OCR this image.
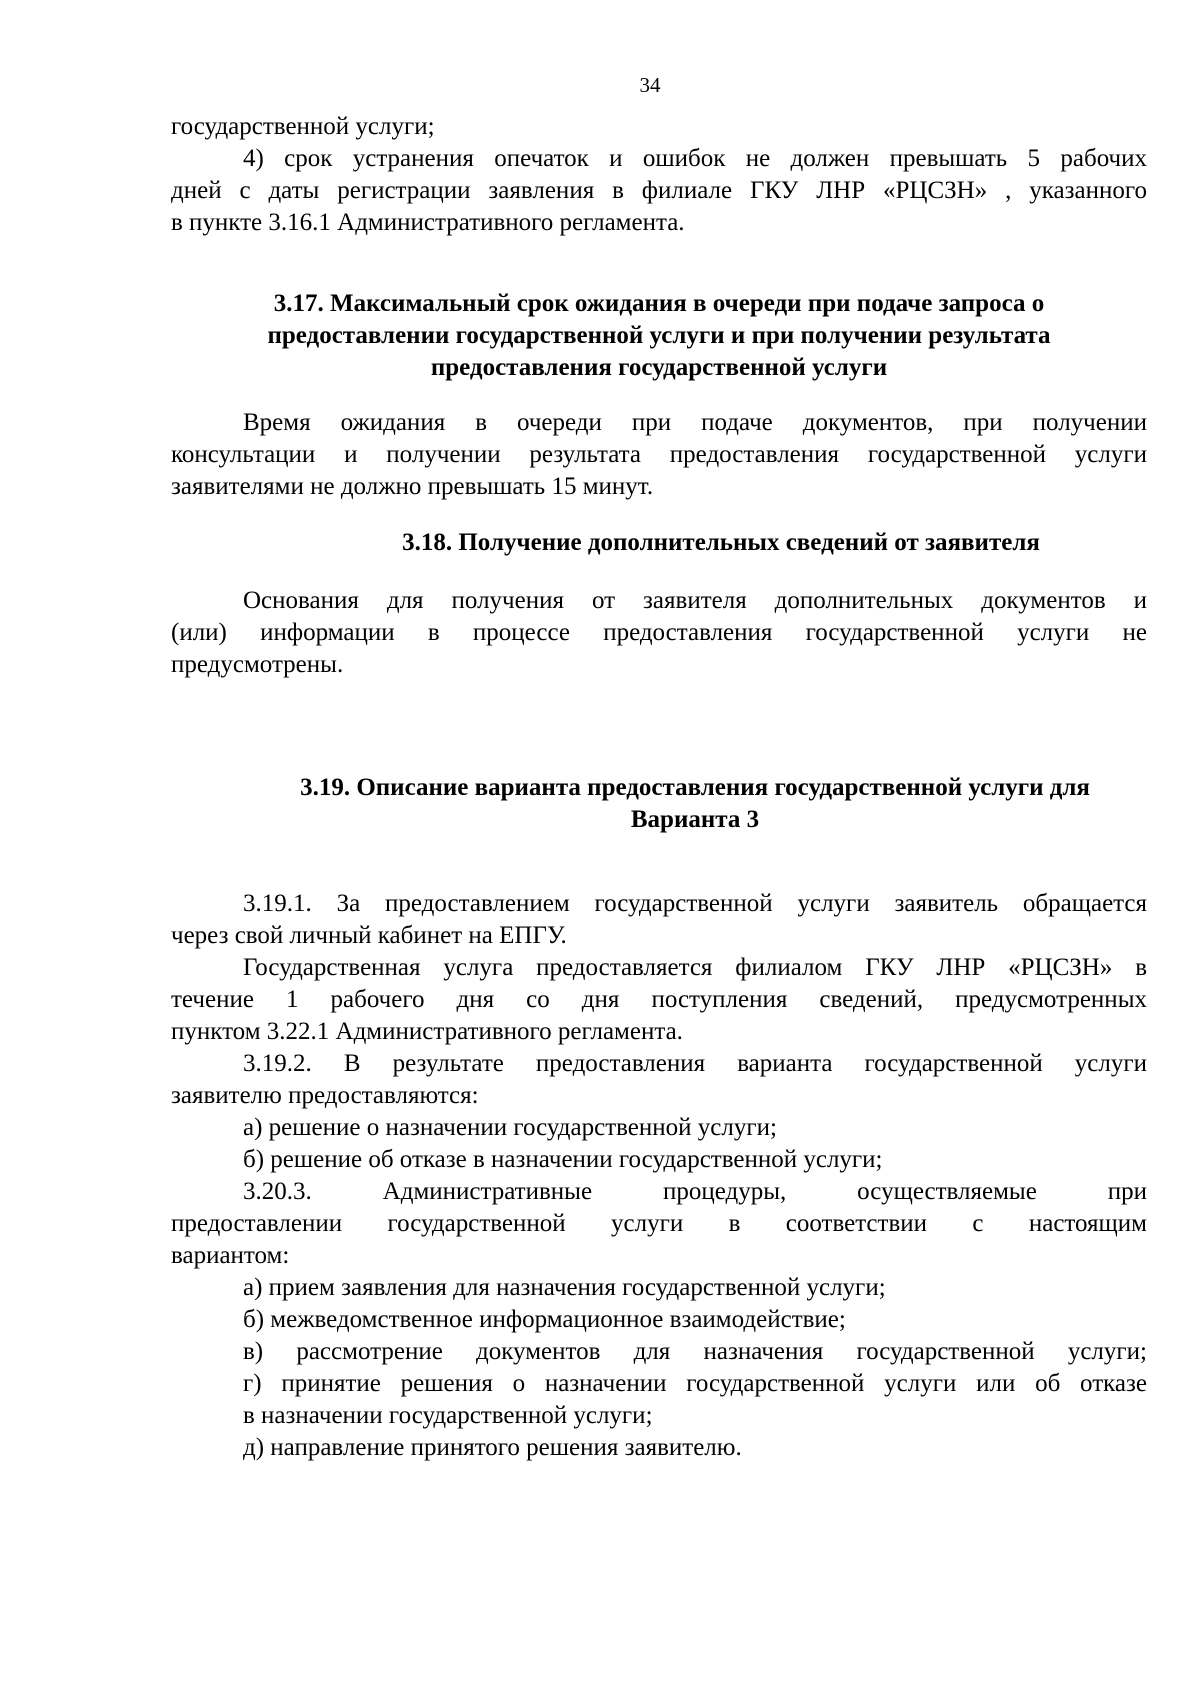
34

государственной услуги;

4) срок устранения опечаток и ошибок не должен превышать 5 рабочих

дней с даты регистрации заявления в филиале ГКУ ЛНР «РЦСЗН» , указанного

в пункте 3.16.1 Административного регламента.

3.17. Максимальный срок ожидания в очереди при подаче запроса о
предоставлении государственной услуги и при получении результата
предоставления государственной услуги

Время ожидания в очереди при подаче документов, при получении

консультации и получении результата предоставления государственной услуги

заявителями не должно превышать 15 минут.

3.18. Получение дополнительных сведений от заявителя

Основания для получения от заявителя дополнительных документов и

(или) информации в процессе предоставления государственной услуги не

предусмотрены.

3.19. Описание варианта предоставления государственной услуги для
Варианта 3

3.19.1. За предоставлением государственной услуги заявитель обращается

через свой личный кабинет на ЕПГУ.

Государственная услуга предоставляется филиалом ГКУ ЛНР «РЦСЗН» в

течение 1 рабочего дня со дня поступления сведений, предусмотренных

пунктом 3.22.1 Административного регламента.

3.19.2. В результате предоставления варианта государственной услуги

заявителю предоставляются:

а) решение о назначении государственной услуги;

б) решение об отказе в назначении государственной услуги;

3.20.3. Административные процедуры, осуществляемые при

предоставлении государственной услуги в соответствии с настоящим

вариантом:

а) прием заявления для назначения государственной услуги;

б) межведомственное информационное взаимодействие;

в) рассмотрение документов для назначения государственной услуги;

г) принятие решения о назначении государственной услуги или об отказе

в назначении государственной услуги;

д) направление принятого решения заявителю.
